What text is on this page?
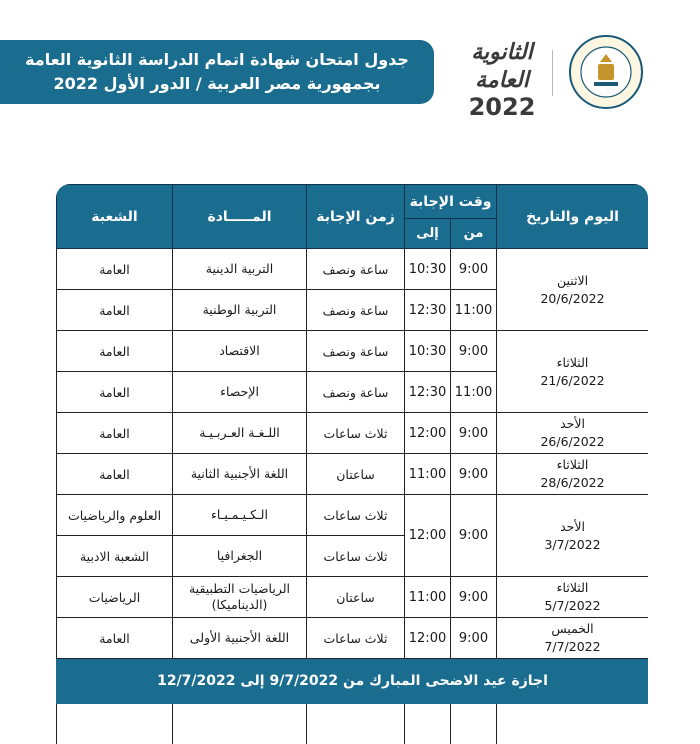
جدول امتحان شهادة اتمام الدراسة الثانوية العامة
بجمهورية مصر العربية / الدور الأول 2022
الثانوية العامة
2022
اليوم والتاريخ	وقت الإجابة		زمن الإجابة	المـــــادة	الشعبة
	من	إلى			
الاثنين
20/6/2022	9:00	10:30	ساعة ونصف	التربية الدينية	العامة
	11:00	12:30	ساعة ونصف	التربية الوطنية	العامة
الثلاثاء
21/6/2022	9:00	10:30	ساعة ونصف	الاقتصاد	العامة
	11:00	12:30	ساعة ونصف	الإحصاء	العامة
الأحد
26/6/2022	9:00	12:00	ثلاث ساعات	اللـغـة العـربـيـة	العامة
الثلاثاء
28/6/2022	9:00	11:00	ساعتان	اللغة الأجنبية الثانية	العامة
الأحد
3/7/2022	9:00	12:00	ثلاث ساعات	الـكـيـمـيـاء	العلوم والرياضيات
			ثلاث ساعات	الجغرافيا	الشعبة الادبية
الثلاثاء
5/7/2022	9:00	11:00	ساعتان	الرياضيات التطبيقية
(الديناميكا)	الرياضيات
الخميس
7/7/2022	9:00	12:00	ثلاث ساعات	اللغة الأجنبية الأولى	العامة
اجازة عيد الاضحى المبارك من 9/7/2022 إلى 12/7/2022					
